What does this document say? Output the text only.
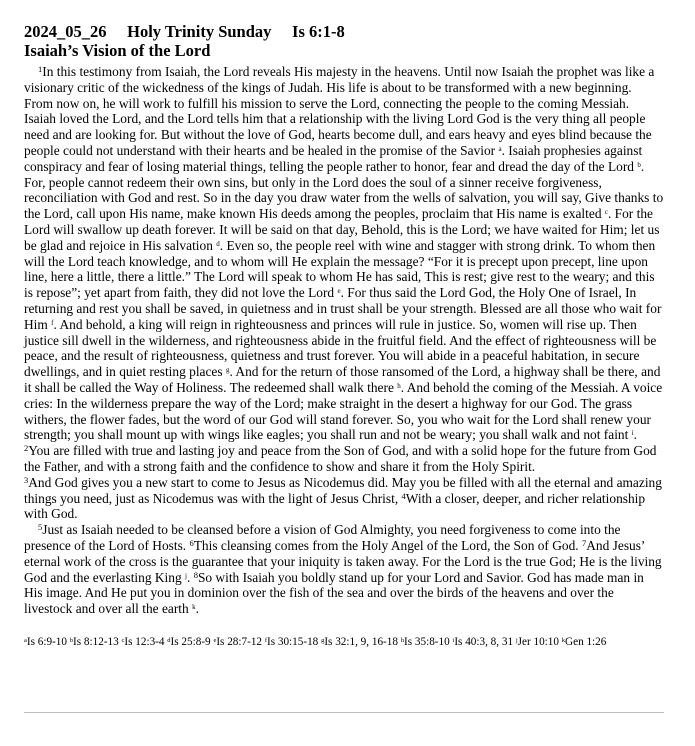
2024_05_26 Holy Trinity Sunday Is 6:1-8
Isaiah’s Vision of the Lord

$^1$In this testimony from Isaiah, the Lord reveals His majesty in the heavens. Until now Isaiah the prophet was like a visionary critic of the wickedness of the kings of Judah. His life is about to be transformed with a new beginning. From now on, he will work to fulfill his mission to serve the Lord, connecting the people to the coming Messiah. Isaiah loved the Lord, and the Lord tells him that a relationship with the living Lord God is the very thing all people need and are looking for. But without the love of God, hearts become dull, and ears heavy and eyes blind because the people could not understand with their hearts and be healed in the promise of the Savior $^a$. Isaiah prophesies against conspiracy and fear of losing material things, telling the people rather to honor, fear and dread the day of the Lord $^b$. For, people cannot redeem their own sins, but only in the Lord does the soul of a sinner receive forgiveness, reconciliation with God and rest. So in the day you draw water from the wells of salvation, you will say, Give thanks to the Lord, call upon His name, make known His deeds among the peoples, proclaim that His name is exalted $^c$. For the Lord will swallow up death forever. It will be said on that day, Behold, this is the Lord; we have waited for Him; let us be glad and rejoice in His salvation $^d$. Even so, the people reel with wine and stagger with strong drink. To whom then will the Lord teach knowledge, and to whom will He explain the message? “For it is precept upon precept, line upon line, here a little, there a little.” The Lord will speak to whom He has said, This is rest; give rest to the weary; and this is repose”; yet apart from faith, they did not love the Lord $^e$. For thus said the Lord God, the Holy One of Israel, In returning and rest you shall be saved, in quietness and in trust shall be your strength. Blessed are all those who wait for Him $^f$. And behold, a king will reign in righteousness and princes will rule in justice. So, women will rise up. Then justice sill dwell in the wilderness, and righteousness abide in the fruitful field. And the effect of righteousness will be peace, and the result of righteousness, quietness and trust forever. You will abide in a peaceful habitation, in secure dwellings, and in quiet resting places $^g$. And for the return of those ransomed of the Lord, a highway shall be there, and it shall be called the Way of Holiness. The redeemed shall walk there $^h$. And behold the coming of the Messiah. A voice cries: In the wilderness prepare the way of the Lord; make straight in the desert a highway for our God. The grass withers, the flower fades, but the word of our God will stand forever. So, you who wait for the Lord shall renew your strength; you shall mount up with wings like eagles; you shall run and not be weary; you shall walk and not faint $^i$.

$^2$You are filled with true and lasting joy and peace from the Son of God, and with a solid hope for the future from God the Father, and with a strong faith and the confidence to show and share it from the Holy Spirit.

$^3$And God gives you a new start to come to Jesus as Nicodemus did. May you be filled with all the eternal and amazing things you need, just as Nicodemus was with the light of Jesus Christ, $^4$With a closer, deeper, and richer relationship with God.

$^5$Just as Isaiah needed to be cleansed before a vision of God Almighty, you need forgiveness to come into the presence of the Lord of Hosts. $^6$This cleansing comes from the Holy Angel of the Lord, the Son of God. $^7$And Jesus’ eternal work of the cross is the guarantee that your iniquity is taken away. For the Lord is the true God; He is the living God and the everlasting King $^j$. $^8$So with Isaiah you boldly stand up for your Lord and Savior. God has made man in His image. And He put you in dominion over the fish of the sea and over the birds of the heavens and over the livestock and over all the earth $^k$.

$^a$Is 6:9-10 $^b$Is 8:12-13 $^c$Is 12:3-4 $^d$Is 25:8-9 $^e$Is 28:7-12 $^f$Is 30:15-18 $^g$Is 32:1, 9, 16-18 $^h$Is 35:8-10 $^i$Is 40:3, 8, 31 $^j$Jer 10:10 $^k$Gen 1:26
